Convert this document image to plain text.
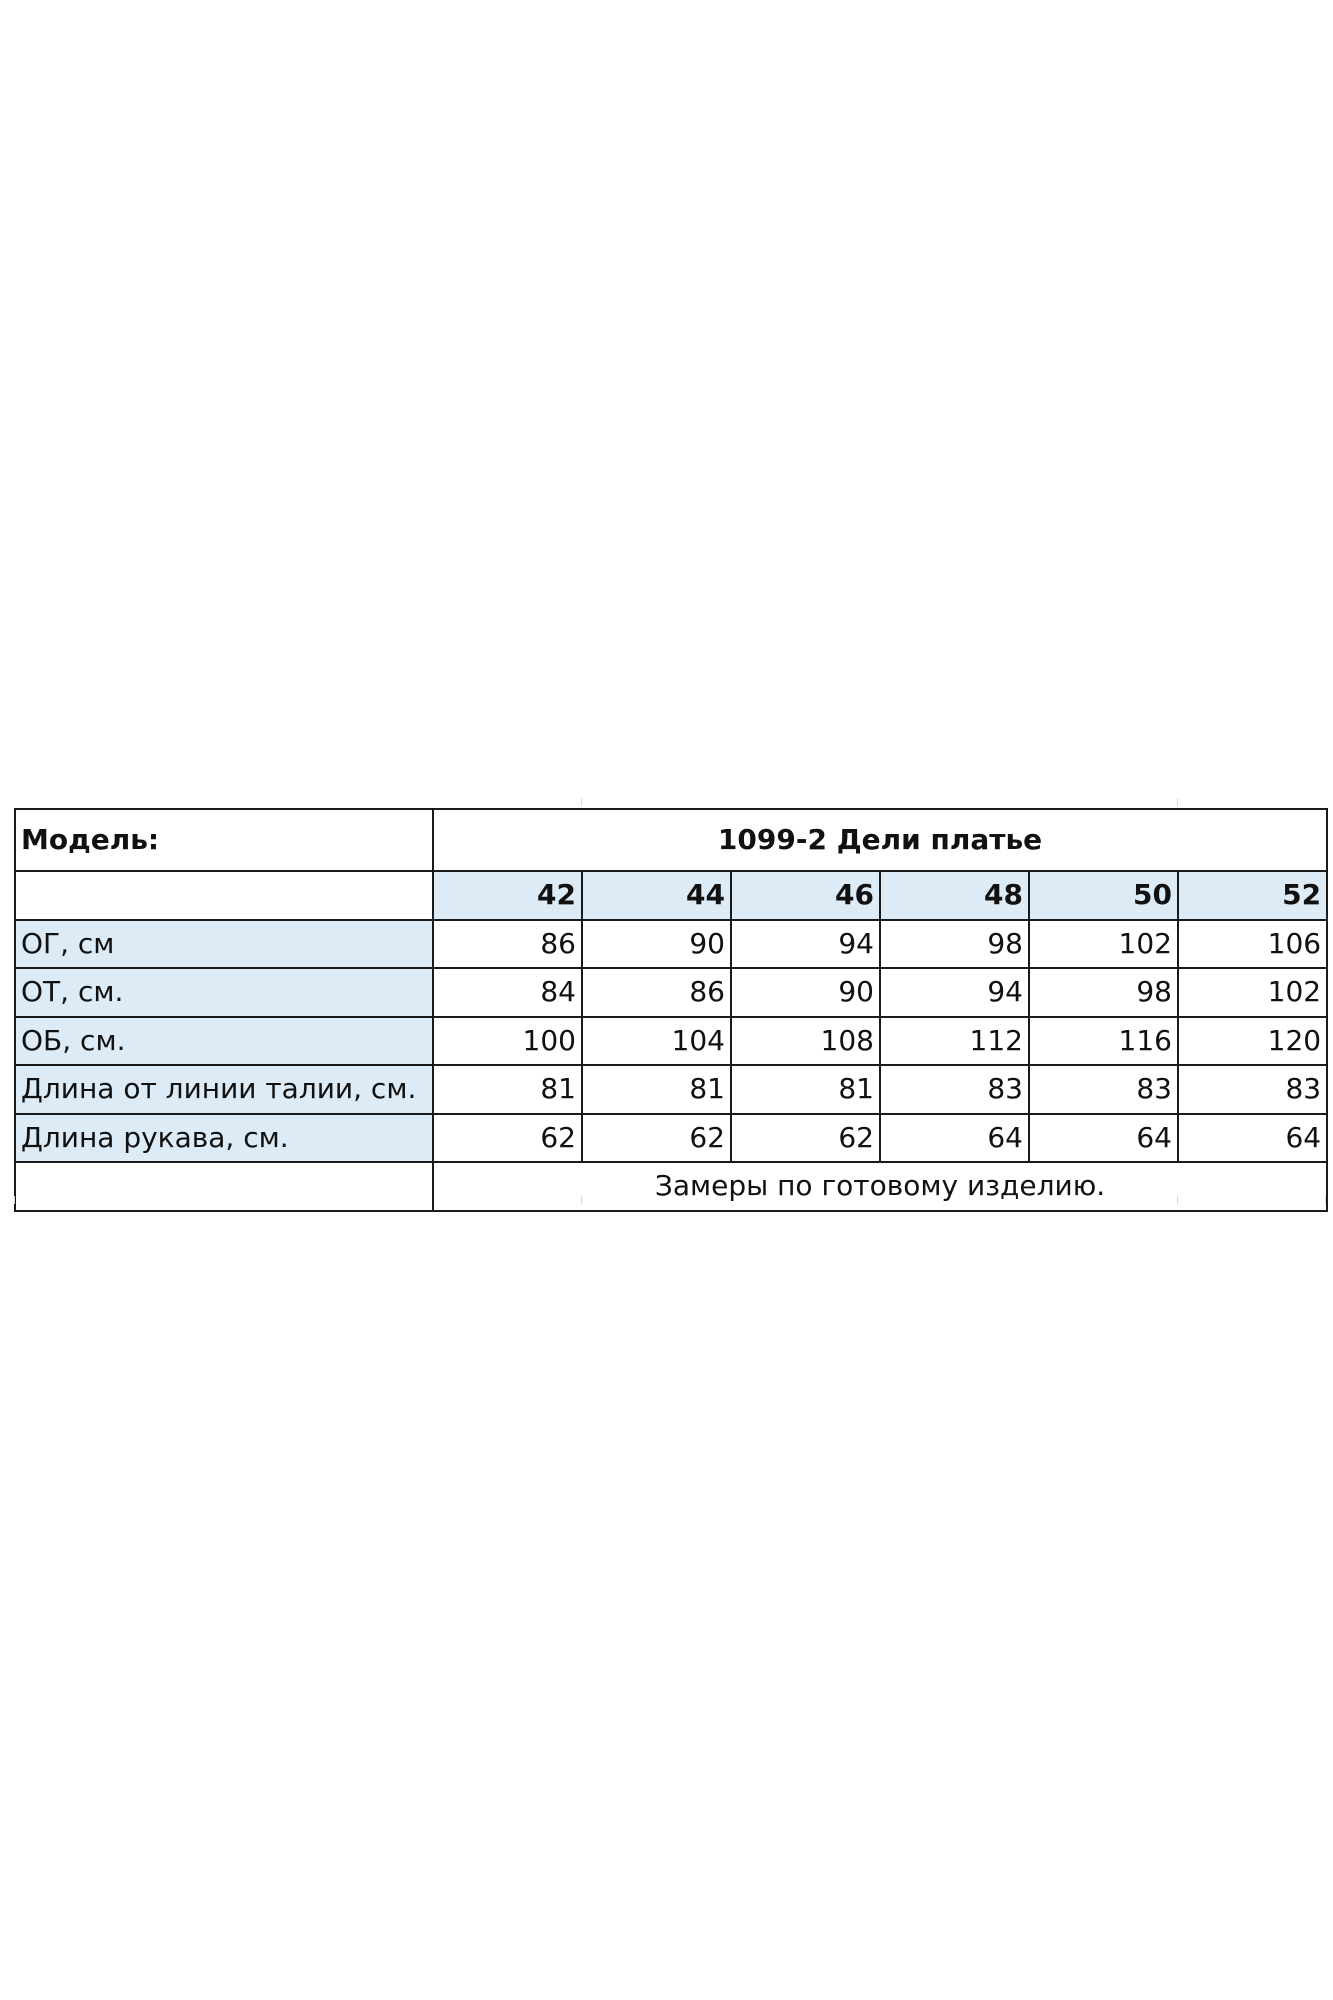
Модель:	1099-2 Дели платье					
	42	44	46	48	50	52
ОГ, см	86	90	94	98	102	106
ОТ, см.	84	86	90	94	98	102
ОБ, см.	100	104	108	112	116	120
Длина от линии талии, см.	81	81	81	83	83	83
Длина рукава, см.	62	62	62	64	64	64
	Замеры по готовому изделию.					
